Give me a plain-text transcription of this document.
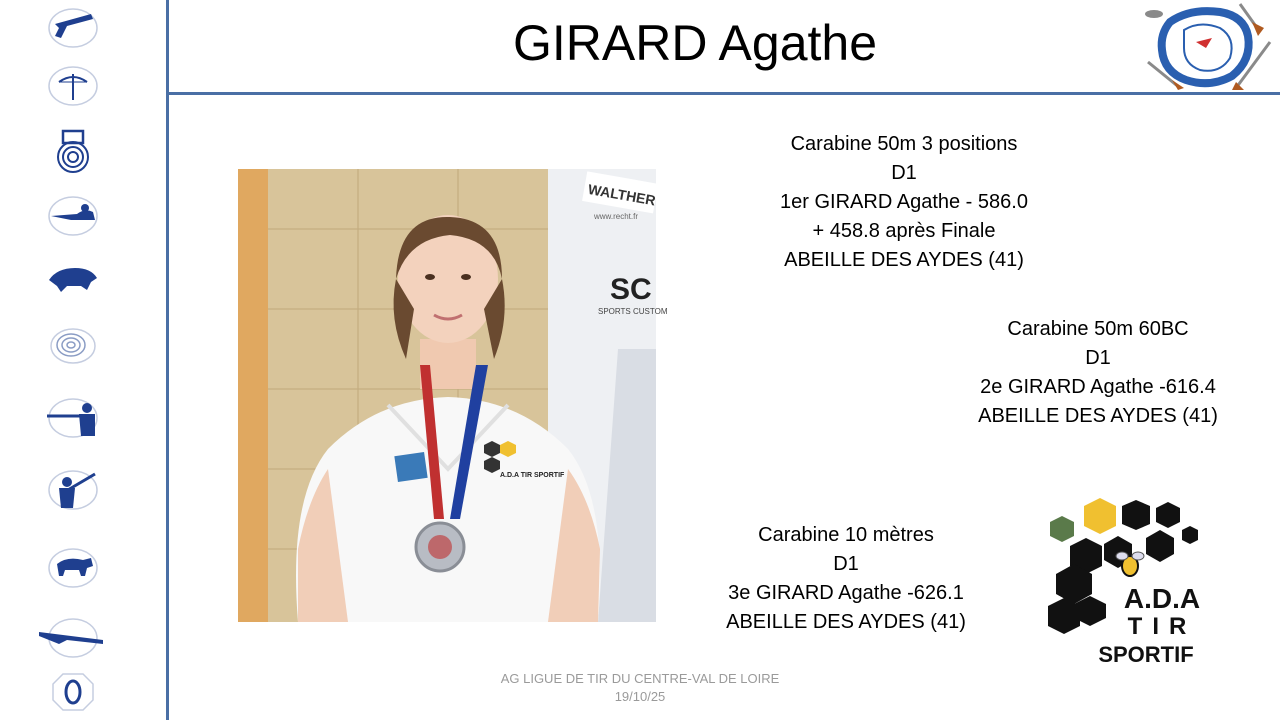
GIRARD Agathe
WALTHER
www.recht.fr
SC
SPORTS CUSTOM
A.D.A TIR SPORTIF
Carabine 50m 3 positions
D1
1er GIRARD Agathe - 586.0
+ 458.8 après Finale
ABEILLE DES AYDES (41)
Carabine 50m 60BC
D1
2e GIRARD Agathe -616.4
ABEILLE DES AYDES (41)
Carabine 10 mètres
D1
3e GIRARD Agathe -626.1
ABEILLE DES AYDES (41)
A.D.A
TIR
SPORTIF
AG LIGUE DE TIR DU CENTRE-VAL DE LOIRE
19/10/25
